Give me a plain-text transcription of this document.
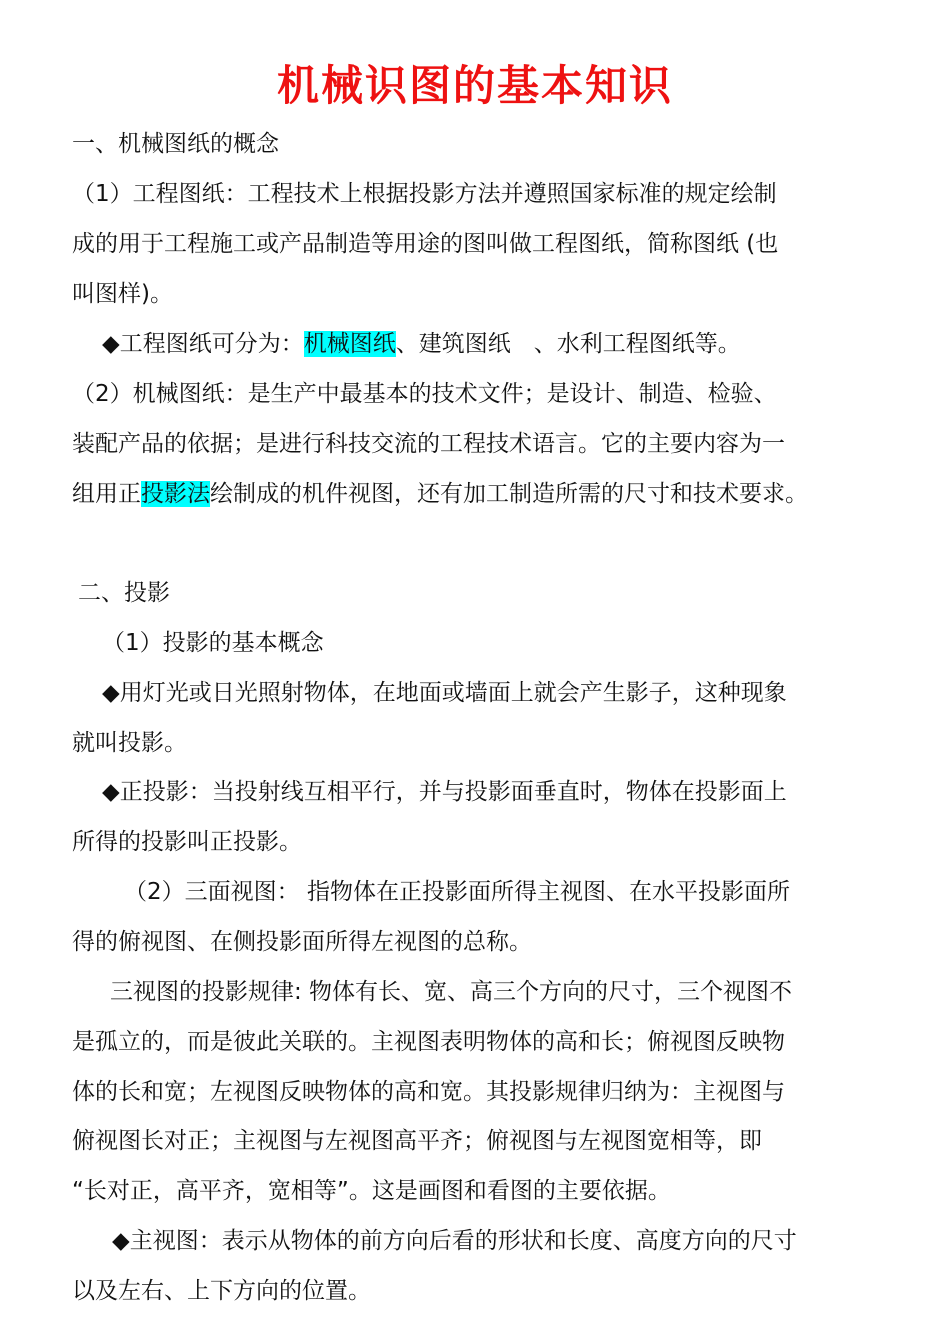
机械识图的基本知识
一、机械图纸的概念
（1）工程图纸：工程技术上根据投影方法并遵照国家标准的规定绘制
成的用于工程施工或产品制造等用途的图叫做工程图纸，简称图纸 (也
叫图样)。
◆工程图纸可分为：机械图纸、建筑图纸　、水利工程图纸等。
（2）机械图纸：是生产中最基本的技术文件；是设计、制造、检验、
装配产品的依据；是进行科技交流的工程技术语言。它的主要内容为一
组用正投影法绘制成的机件视图，还有加工制造所需的尺寸和技术要求。
二、投影
（1）投影的基本概念
◆用灯光或日光照射物体，在地面或墙面上就会产生影子，这种现象
就叫投影。
◆正投影：当投射线互相平行，并与投影面垂直时，物体在投影面上
所得的投影叫正投影。
（2）三面视图： 指物体在正投影面所得主视图、在水平投影面所
得的俯视图、在侧投影面所得左视图的总称。
三视图的投影规律: 物体有长、宽、高三个方向的尺寸，三个视图不
是孤立的，而是彼此关联的。主视图表明物体的高和长；俯视图反映物
体的长和宽；左视图反映物体的高和宽。其投影规律归纳为：主视图与
俯视图长对正；主视图与左视图高平齐；俯视图与左视图宽相等，即
“长对正，高平齐，宽相等”。这是画图和看图的主要依据。
◆主视图：表示从物体的前方向后看的形状和长度、高度方向的尺寸
以及左右、上下方向的位置。
